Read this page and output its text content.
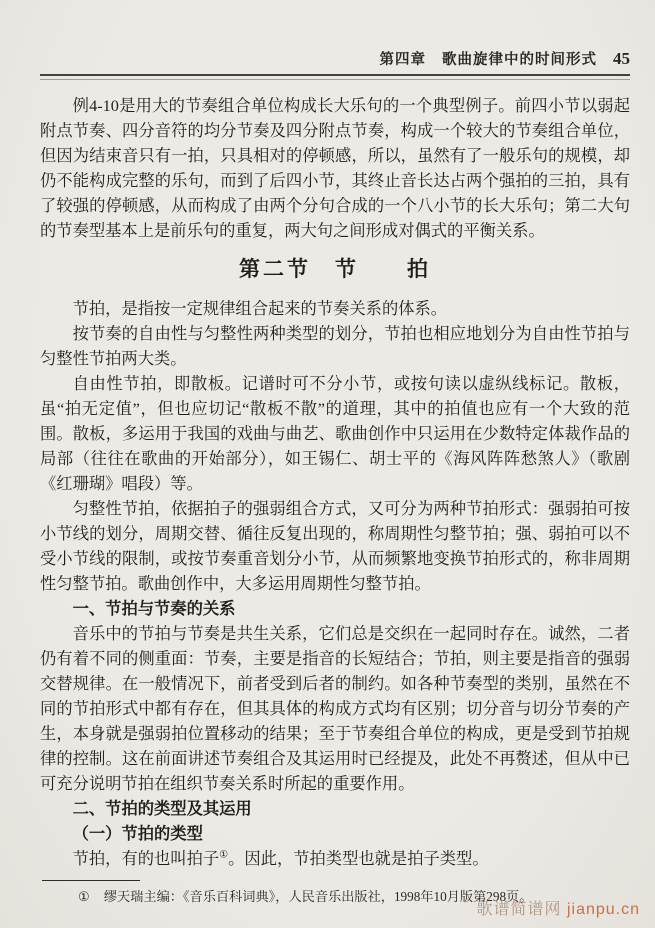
第四章 歌曲旋律中的时间形式 45

例4-10是用大的节奏组合单位构成长大乐句的一个典型例子。前四小节以弱起附点节奏、四分音符的均分节奏及四分附点节奏，构成一个较大的节奏组合单位，但因为结束音只有一拍，只具相对的停顿感，所以，虽然有了一般乐句的规模，却仍不能构成完整的乐句，而到了后四小节，其终止音长达占两个强拍的三拍，具有了较强的停顿感，从而构成了由两个分句合成的一个八小节的长大乐句；第二大句的节奏型基本上是前乐句的重复，两大句之间形成对偶式的平衡关系。

第二节　节　　拍

节拍，是指按一定规律组合起来的节奏关系的体系。

按节奏的自由性与匀整性两种类型的划分，节拍也相应地划分为自由性节拍与匀整性节拍两大类。

自由性节拍，即散板。记谱时可不分小节，或按句读以虚纵线标记。散板，虽“拍无定值”，但也应切记“散板不散”的道理，其中的拍值也应有一个大致的范围。散板，多运用于我国的戏曲与曲艺、歌曲创作中只运用在少数特定体裁作品的局部（往往在歌曲的开始部分），如王锡仁、胡士平的《海风阵阵愁煞人》（歌剧《红珊瑚》唱段）等。

匀整性节拍，依据拍子的强弱组合方式，又可分为两种节拍形式：强弱拍可按小节线的划分，周期交替、循往反复出现的，称周期性匀整节拍；强、弱拍可以不受小节线的限制，或按节奏重音划分小节，从而频繁地变换节拍形式的，称非周期性匀整节拍。歌曲创作中，大多运用周期性匀整节拍。

一、节拍与节奏的关系

音乐中的节拍与节奏是共生关系，它们总是交织在一起同时存在。诚然，二者仍有着不同的侧重面：节奏，主要是指音的长短结合；节拍，则主要是指音的强弱交替规律。在一般情况下，前者受到后者的制约。如各种节奏型的类别，虽然在不同的节拍形式中都有存在，但其具体的构成方式均有区别；切分音与切分节奏的产生，本身就是强弱拍位置移动的结果；至于节奏组合单位的构成，更是受到节拍规律的控制。这在前面讲述节奏组合及其运用时已经提及，此处不再赘述，但从中已可充分说明节拍在组织节奏关系时所起的重要作用。

二、节拍的类型及其运用
（一）节拍的类型

节拍，有的也叫拍子①。因此，节拍类型也就是拍子类型。

① 缪天瑞主编：《音乐百科词典》，人民音乐出版社，1998年10月版第298页。
歌谱简谱网 jianpu.cn
